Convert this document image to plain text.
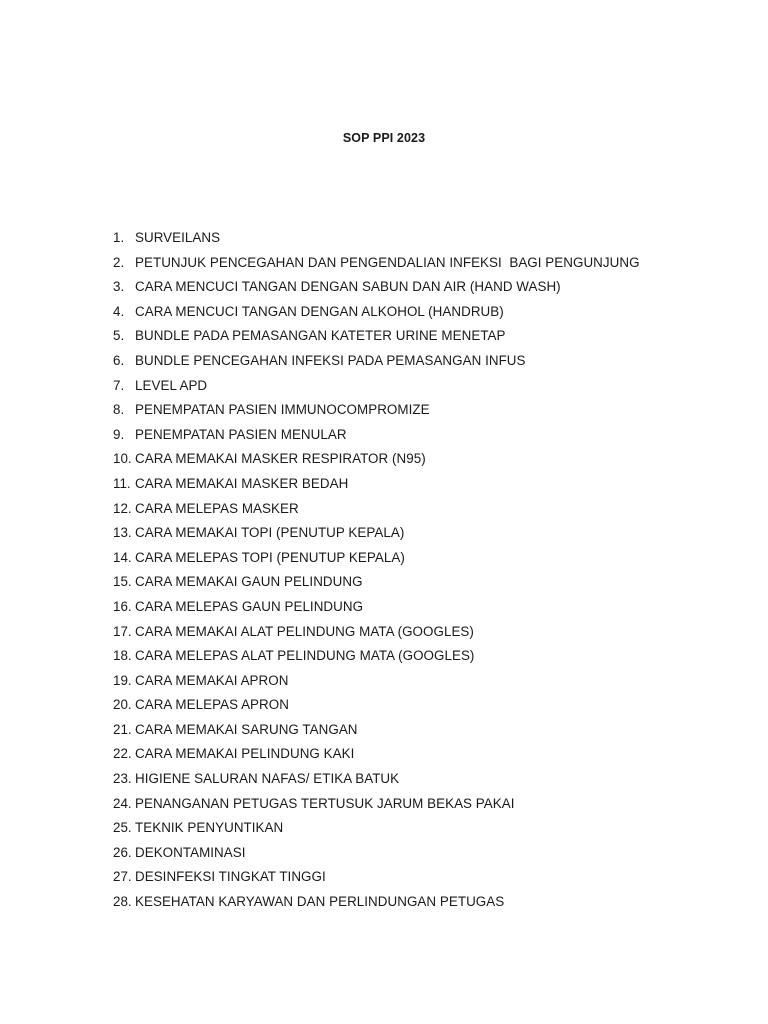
SOP PPI 2023
1. SURVEILANS
2. PETUNJUK PENCEGAHAN DAN PENGENDALIAN INFEKSI  BAGI PENGUNJUNG
3. CARA MENCUCI TANGAN DENGAN SABUN DAN AIR (HAND WASH)
4. CARA MENCUCI TANGAN DENGAN ALKOHOL (HANDRUB)
5. BUNDLE PADA PEMASANGAN KATETER URINE MENETAP
6. BUNDLE PENCEGAHAN INFEKSI PADA PEMASANGAN INFUS
7. LEVEL APD
8. PENEMPATAN PASIEN IMMUNOCOMPROMIZE
9. PENEMPATAN PASIEN MENULAR
10. CARA MEMAKAI MASKER RESPIRATOR (N95)
11. CARA MEMAKAI MASKER BEDAH
12. CARA MELEPAS MASKER
13. CARA MEMAKAI TOPI (PENUTUP KEPALA)
14. CARA MELEPAS TOPI (PENUTUP KEPALA)
15. CARA MEMAKAI GAUN PELINDUNG
16. CARA MELEPAS GAUN PELINDUNG
17. CARA MEMAKAI ALAT PELINDUNG MATA (GOOGLES)
18. CARA MELEPAS ALAT PELINDUNG MATA (GOOGLES)
19. CARA MEMAKAI APRON
20. CARA MELEPAS APRON
21. CARA MEMAKAI SARUNG TANGAN
22. CARA MEMAKAI PELINDUNG KAKI
23. HIGIENE SALURAN NAFAS/ ETIKA BATUK
24. PENANGANAN PETUGAS TERTUSUK JARUM BEKAS PAKAI
25. TEKNIK PENYUNTIKAN
26. DEKONTAMINASI
27. DESINFEKSI TINGKAT TINGGI
28. KESEHATAN KARYAWAN DAN PERLINDUNGAN PETUGAS
